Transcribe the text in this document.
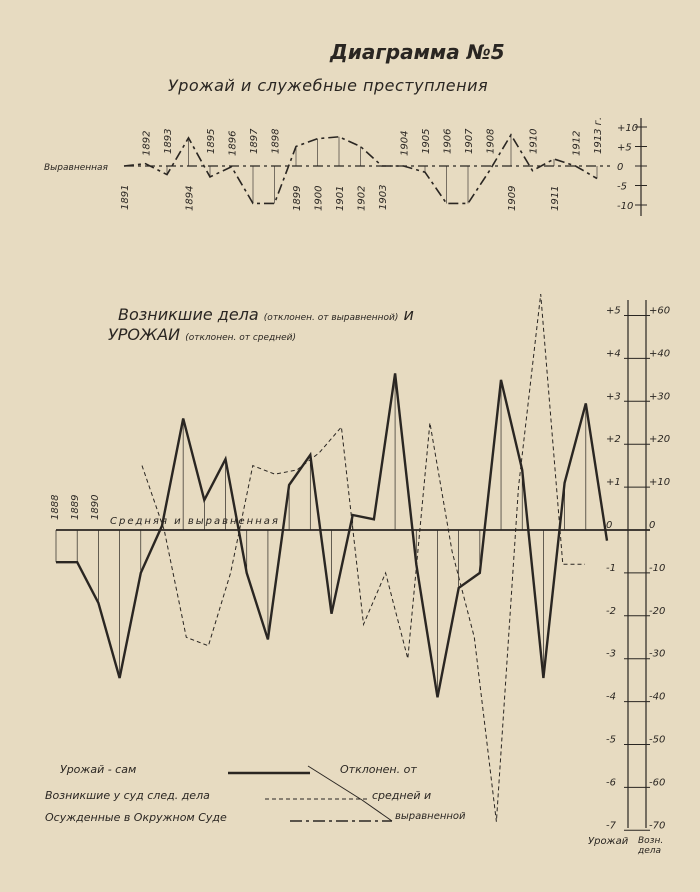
Диаграмма №5

Урожай и служебные преступления

Возникшие дела (отклонен. от выравненной) и

УРОЖАИ (отклонен. от средней)

Выравненная
1891
1892 1893
1894
1895 1896 1897 1898
1899 1900 1901 1902 1903
1904 1905 1906 1907 1908
1909
1910
1911
1912 1913 г. +10
+5
0
-5
-10
Средняя и выравненная
1888 1889 1890
+5	+60
+4	+40
+3	+30
+2	+20
+1	+10
0	0
-1	-10
-2	-20
-3	-30
-4	-40
-5	-50
-6	-60
-7	-70

Урожай - сам

Возникшие у суд след. дела

Осужденные в Окружном Суде

Отклонен. от

средней и

выравненной

Урожай Возн. дела
